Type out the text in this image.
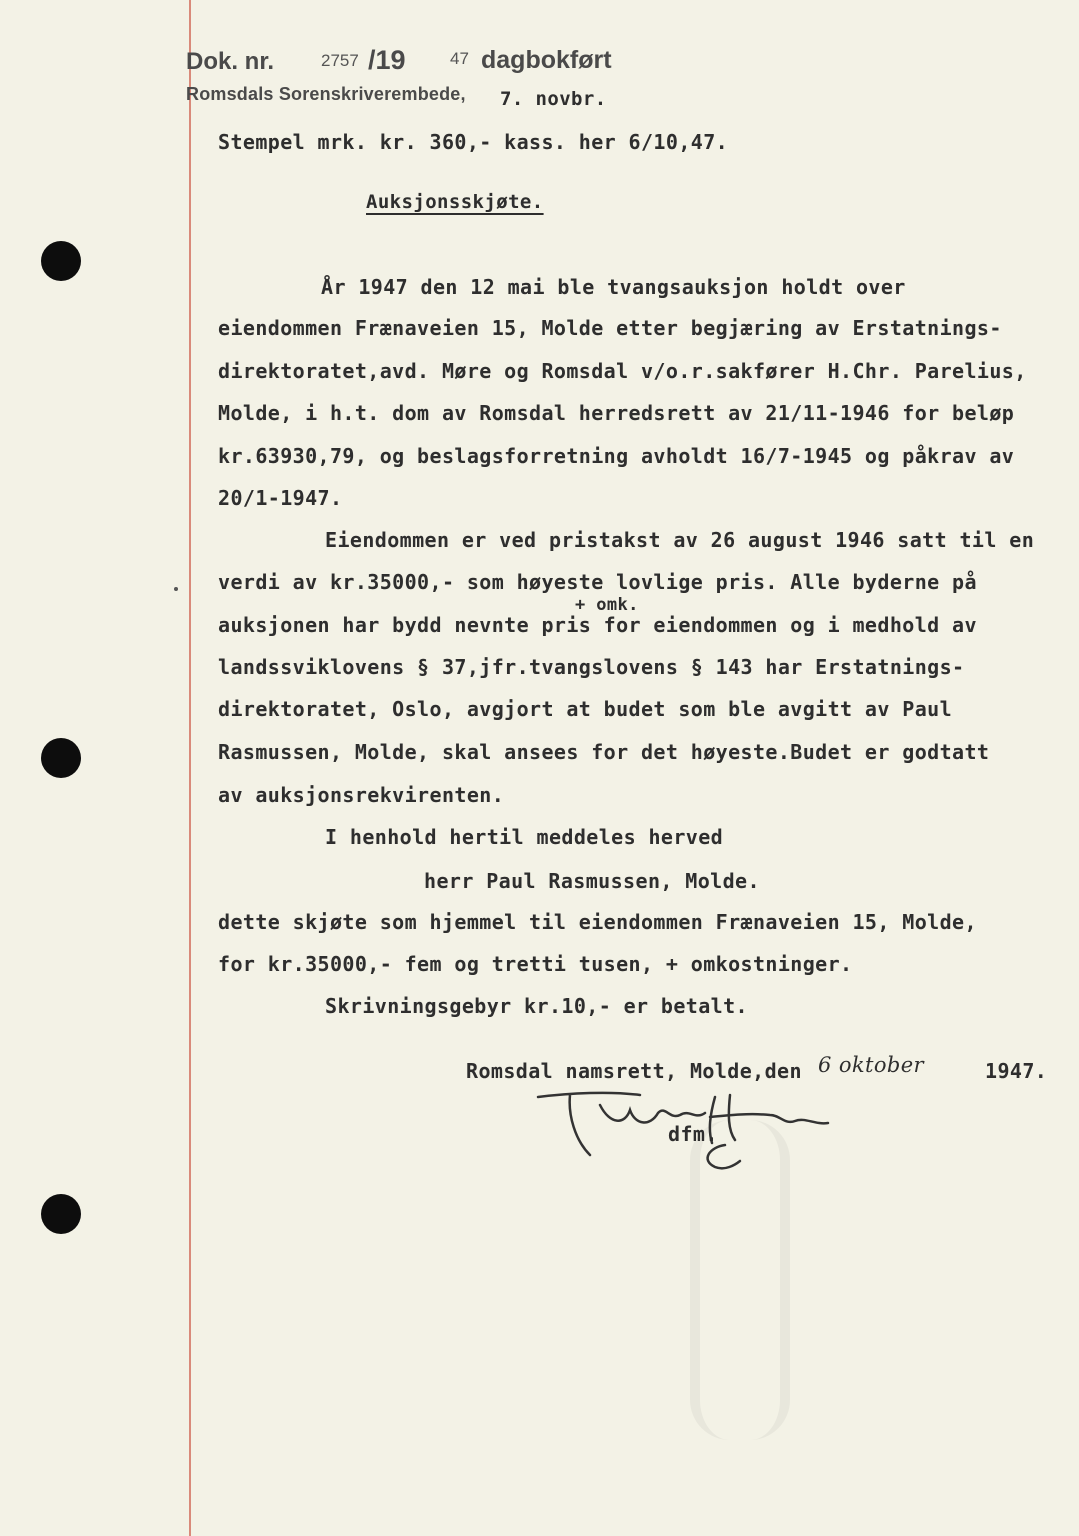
Dok. nr.	2757 /19	47 dagbokført
Romsdals Sorenskriverembede, 7. novbr.
Stempel mrk. kr. 360,- kass. her 6/10,47.
Auksjonsskjøte.
År 1947 den 12 mai ble tvangsauksjon holdt over
eiendommen Frænaveien 15, Molde etter begjæring av Erstatnings-
direktoratet,avd. Møre og Romsdal v/o.r.sakfører H.Chr. Parelius,
Molde, i h.t. dom av Romsdal herredsrett av 21/11-1946 for beløp
kr.63930,79, og beslagsforretning avholdt 16/7-1945 og påkrav av
20/1-1947.
Eiendommen er ved pristakst av 26 august 1946 satt til en
verdi av kr.35000,- som høyeste lovlige pris. Alle byderne på
+ omk.
auksjonen har bydd nevnte pris for eiendommen og i medhold av
landssviklovens § 37,jfr.tvangslovens § 143 har Erstatnings-
direktoratet, Oslo, avgjort at budet som ble avgitt av Paul
Rasmussen, Molde, skal ansees for det høyeste.Budet er godtatt
av auksjonsrekvirenten.
I henhold hertil meddeles herved
herr Paul Rasmussen, Molde.
dette skjøte som hjemmel til eiendommen Frænaveien 15, Molde,
for kr.35000,- fem og tretti tusen, + omkostninger.
Skrivningsgebyr kr.10,- er betalt.
Romsdal namsrett, Molde,den 6 oktober	1947.
dfm.
